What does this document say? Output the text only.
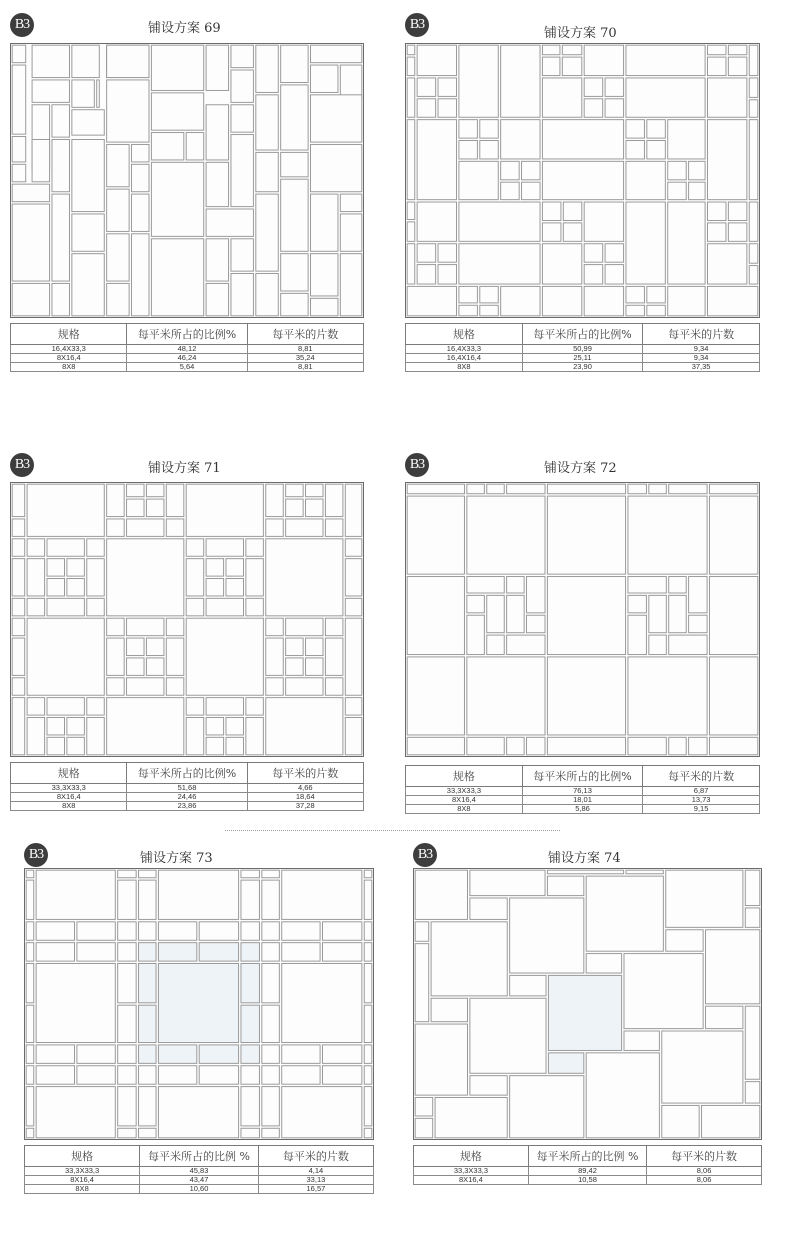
B3	铺设方案 69
规格	每平米所占的比例%	每平米的片数
16,4X33,3	48,12	8,81
8X16,4	46,24	35,24
8X8	5,64	8,81
B3
铺设方案 70
规格	每平米所占的比例%	每平米的片数
16,4X33,3	50,99	9,34
16,4X16,4	25,11	9,34
8X8	23,90	37,35
B3	铺设方案 71
规格	每平米所占的比例%	每平米的片数
33,3X33,3	51,68	4,66
8X16,4	24,46	18,64
8X8	23,86	37,28
B3	铺设方案 72
规格	每平米所占的比例%	每平米的片数
33,3X33,3	76,13	6,87
8X16,4	18,01	13,73
8X8	5,86	9,15
B3	铺设方案 73
规格	每平米所占的比例 %	每平米的片数
33,3X33,3	45,83	4,14
8X16,4	43,47	33,13
8X8	10,60	16,57
B3	铺设方案 74
规格	每平米所占的比例 %	每平米的片数
33,3X33,3	89,42	8,06
8X16,4	10,58	8,06
